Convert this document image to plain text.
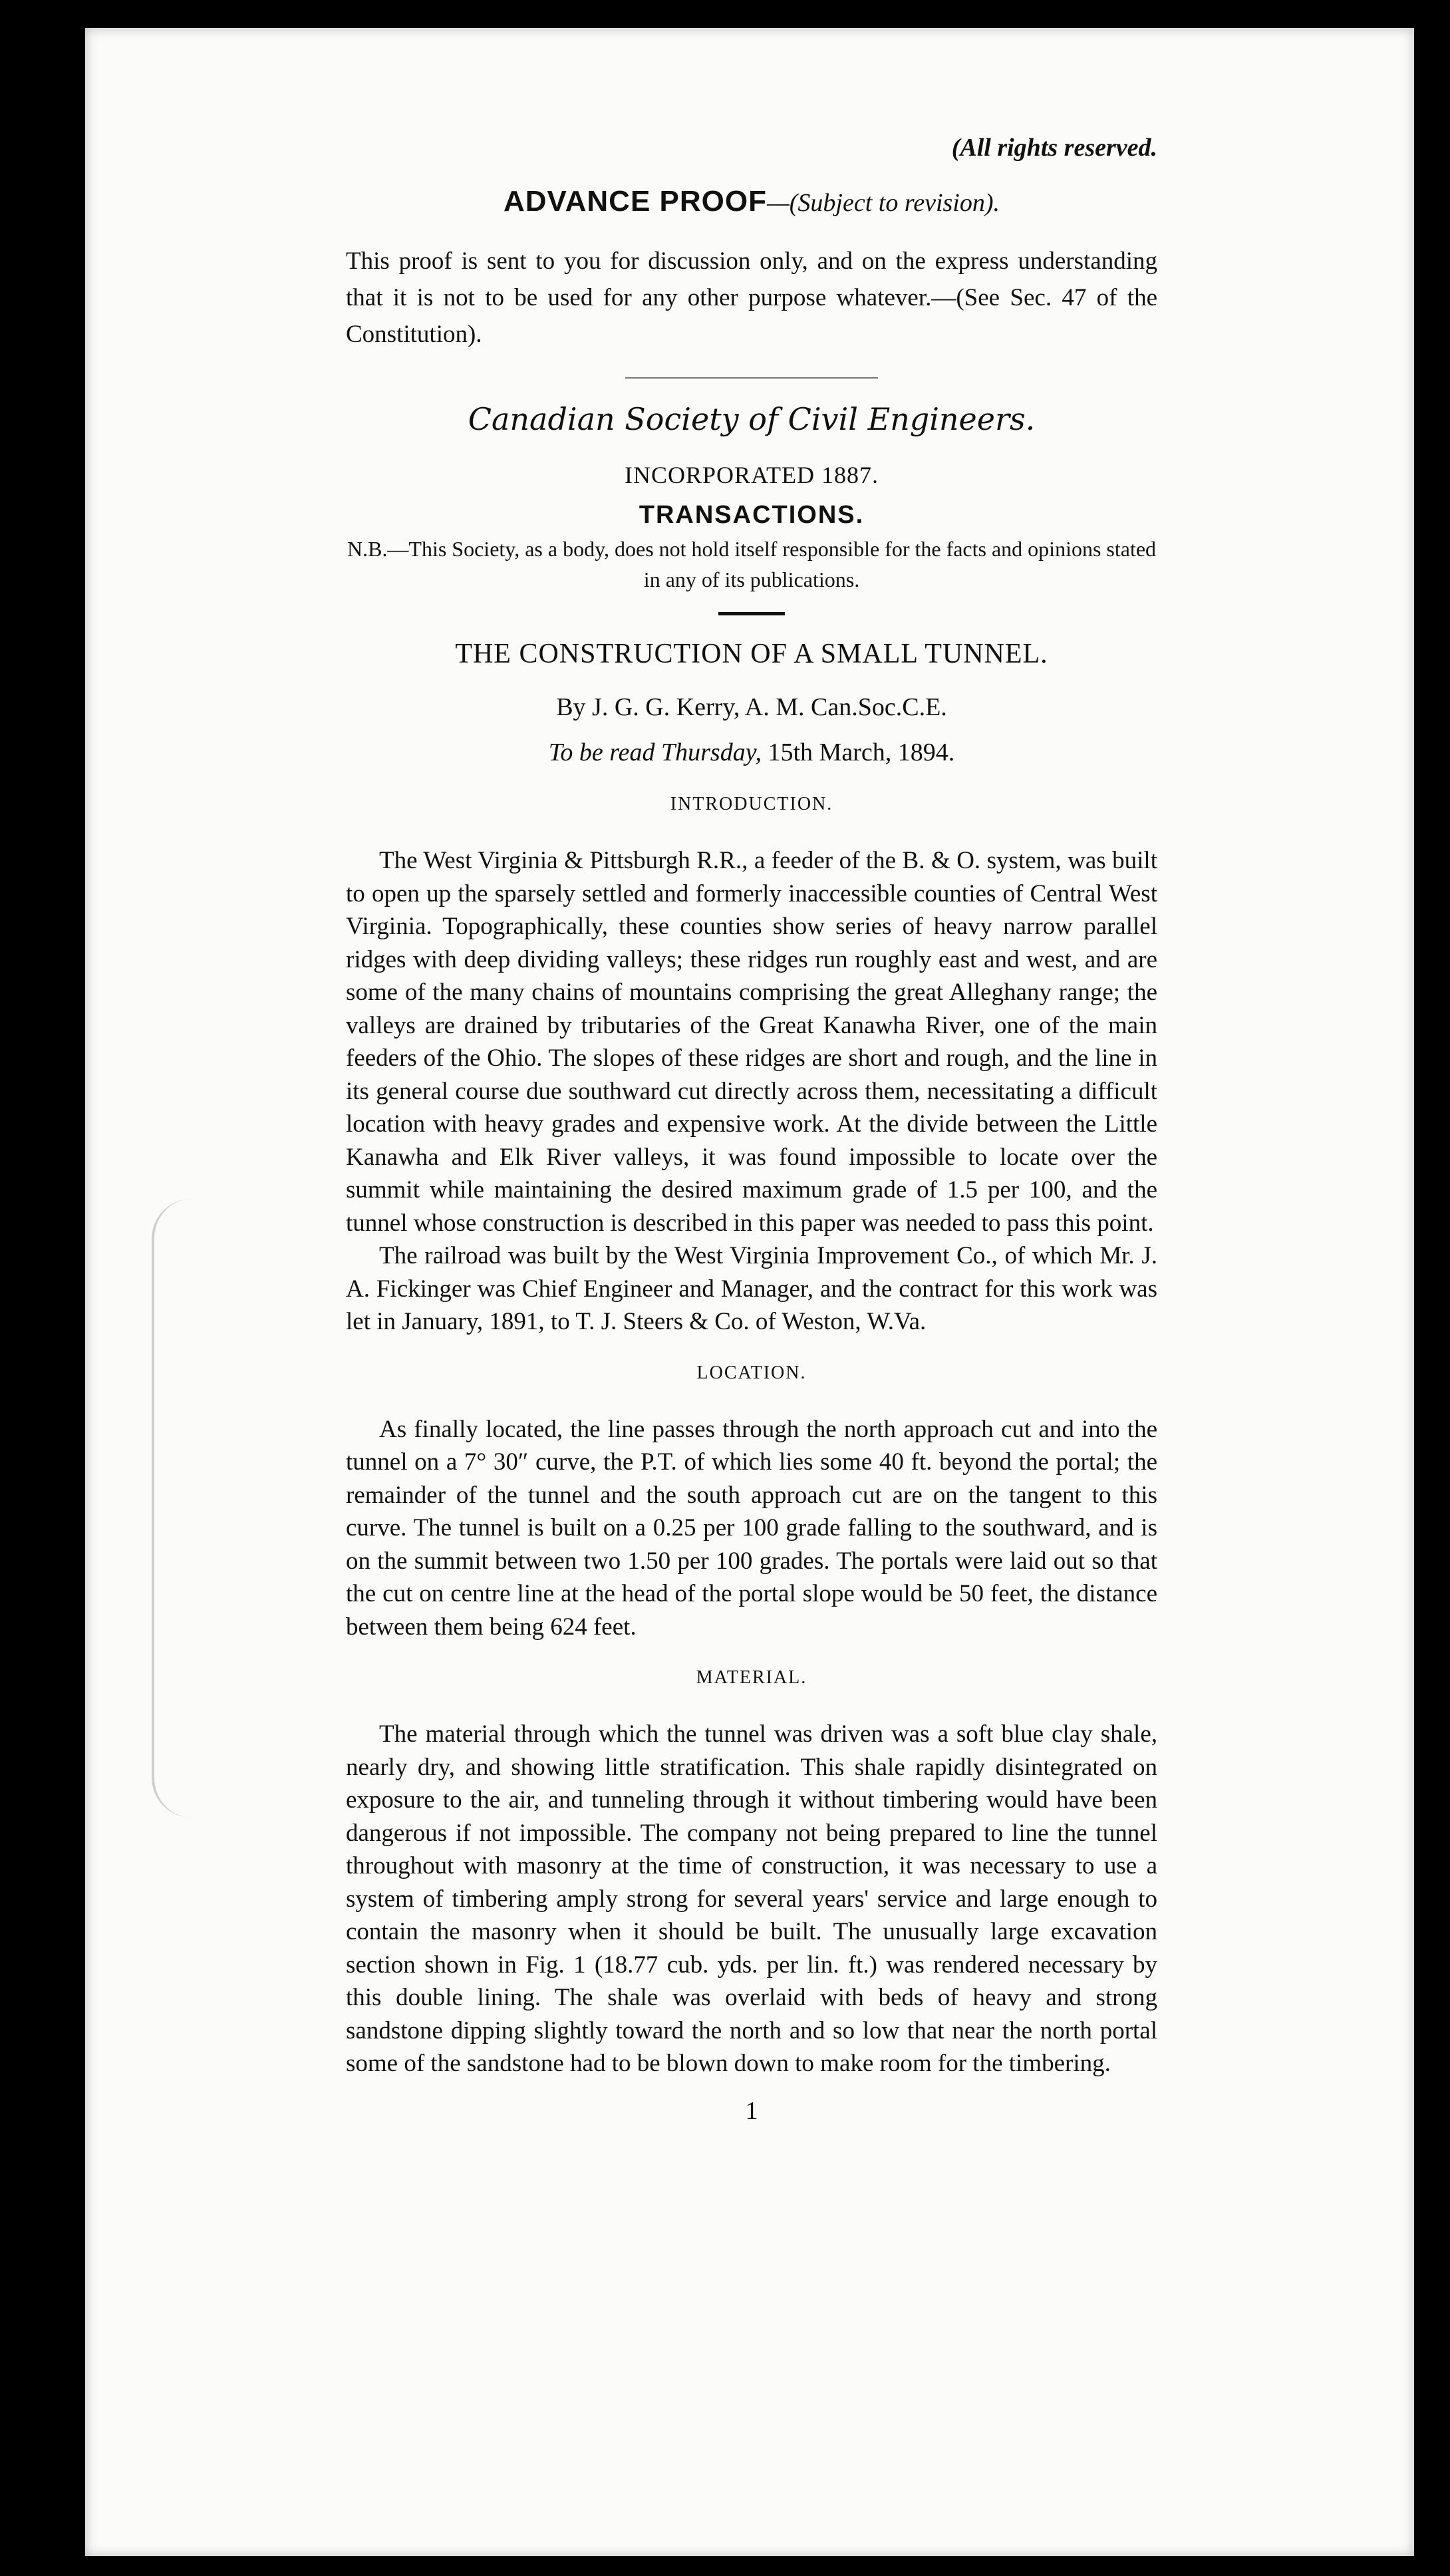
(All rights reserved.
ADVANCE PROOF—(Subject to revision).

This proof is sent to you for discussion only, and on the express understanding that it is not to be used for any other purpose whatever.—(See Sec. 47 of the Constitution).

Canadian Society of Civil Engineers.
INCORPORATED 1887.
TRANSACTIONS.
N.B.—This Society, as a body, does not hold itself responsible for the facts and opinions stated in any of its publications.
THE CONSTRUCTION OF A SMALL TUNNEL.
By J. G. G. Kerry, A. M. Can.Soc.C.E.
To be read Thursday, 15th March, 1894.
INTRODUCTION.

The West Virginia & Pittsburgh R.R., a feeder of the B. & O. system, was built to open up the sparsely settled and formerly inaccessible counties of Central West Virginia. Topographically, these counties show series of heavy narrow parallel ridges with deep dividing valleys; these ridges run roughly east and west, and are some of the many chains of mountains comprising the great Alleghany range; the valleys are drained by tributaries of the Great Kanawha River, one of the main feeders of the Ohio. The slopes of these ridges are short and rough, and the line in its general course due southward cut directly across them, necessitating a difficult location with heavy grades and expensive work. At the divide between the Little Kanawha and Elk River valleys, it was found impossible to locate over the summit while maintaining the desired maximum grade of 1.5 per 100, and the tunnel whose construction is described in this paper was needed to pass this point.

The railroad was built by the West Virginia Improvement Co., of which Mr. J. A. Fickinger was Chief Engineer and Manager, and the contract for this work was let in January, 1891, to T. J. Steers & Co. of Weston, W.Va.

LOCATION.

As finally located, the line passes through the north approach cut and into the tunnel on a 7° 30″ curve, the P.T. of which lies some 40 ft. beyond the portal; the remainder of the tunnel and the south approach cut are on the tangent to this curve. The tunnel is built on a 0.25 per 100 grade falling to the southward, and is on the summit between two 1.50 per 100 grades. The portals were laid out so that the cut on centre line at the head of the portal slope would be 50 feet, the distance between them being 624 feet.

MATERIAL.

The material through which the tunnel was driven was a soft blue clay shale, nearly dry, and showing little stratification. This shale rapidly disintegrated on exposure to the air, and tunneling through it without timbering would have been dangerous if not impossible. The company not being prepared to line the tunnel throughout with masonry at the time of construction, it was necessary to use a system of timbering amply strong for several years' service and large enough to contain the masonry when it should be built. The unusually large excavation section shown in Fig. 1 (18.77 cub. yds. per lin. ft.) was rendered necessary by this double lining. The shale was overlaid with beds of heavy and strong sandstone dipping slightly toward the north and so low that near the north portal some of the sandstone had to be blown down to make room for the timbering.

1
